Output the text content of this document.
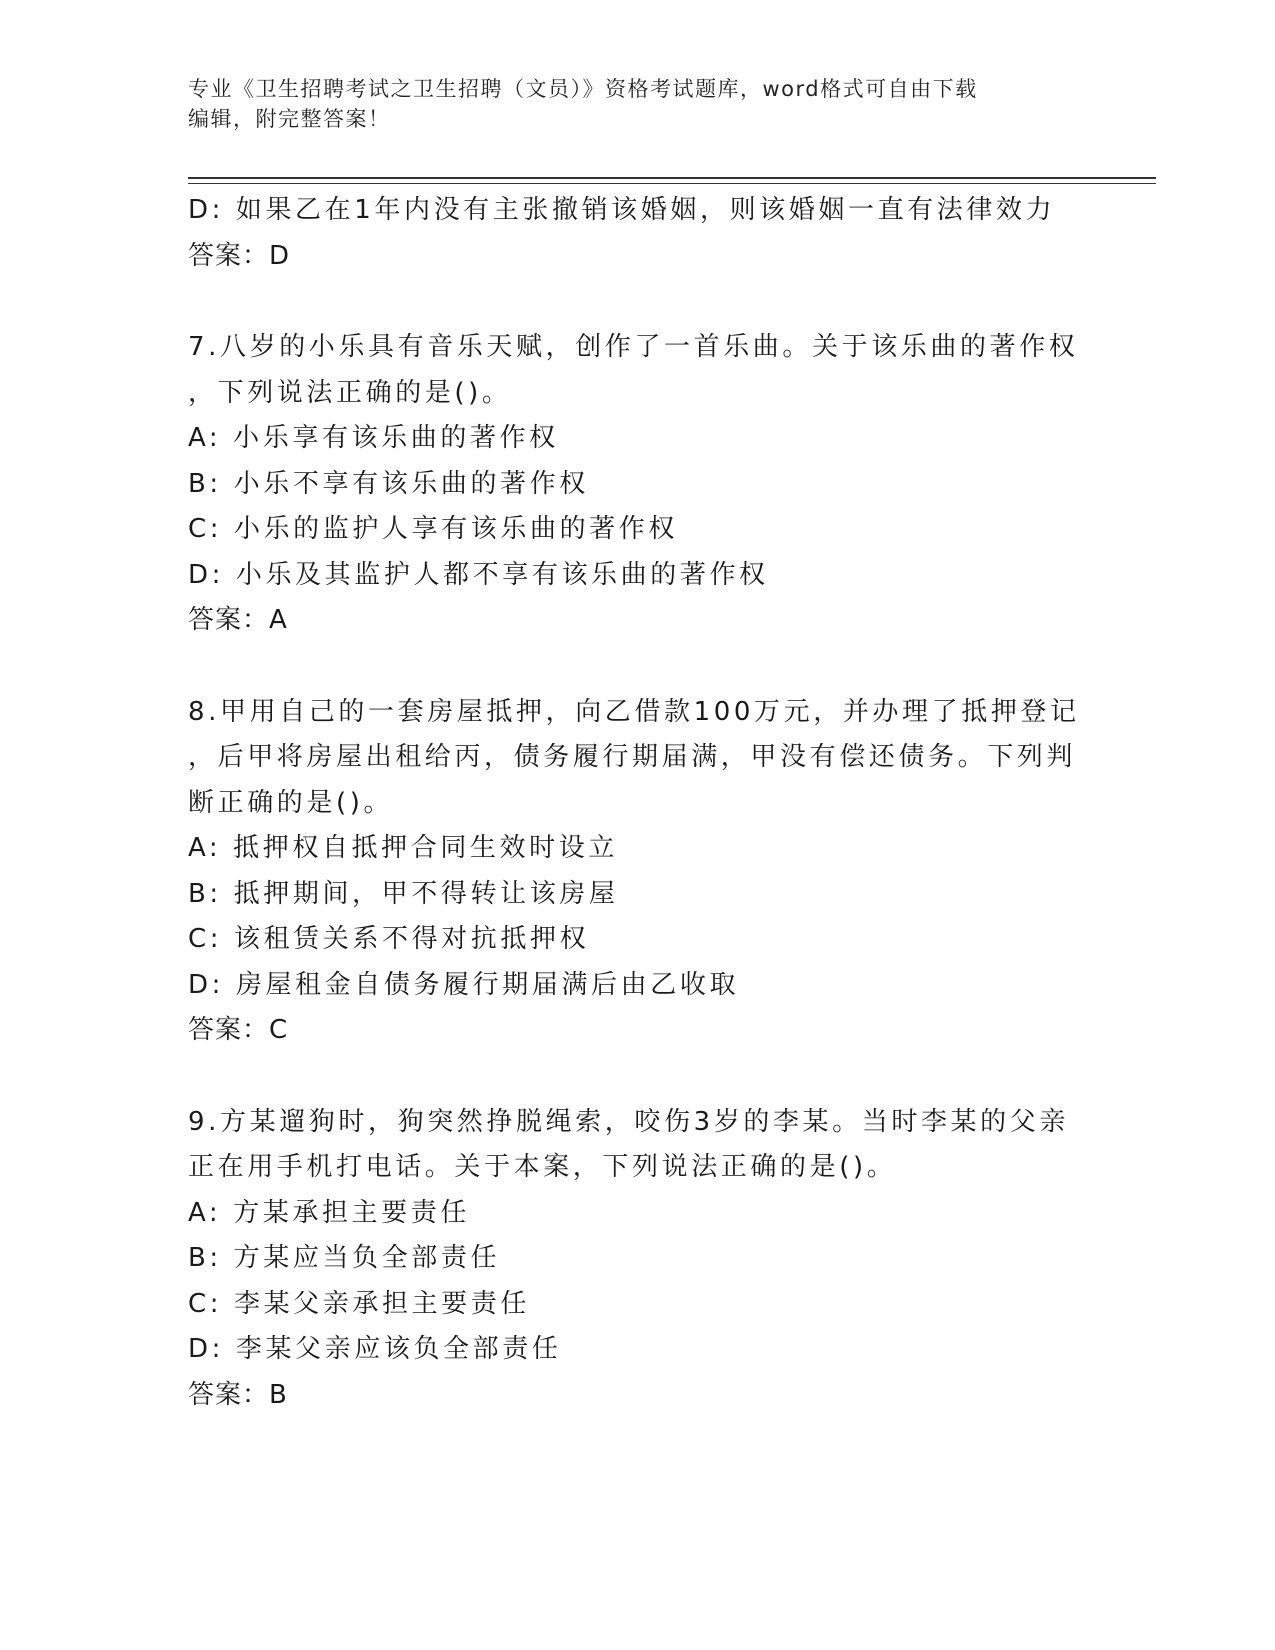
专业《卫生招聘考试之卫生招聘（文员）》资格考试题库，word格式可自由下载
编辑，附完整答案！
D: 如果乙在1年内没有主张撤销该婚姻，则该婚姻一直有法律效力
答案：D
7.八岁的小乐具有音乐天赋，创作了一首乐曲。关于该乐曲的著作权
，下列说法正确的是()。
A: 小乐享有该乐曲的著作权
B: 小乐不享有该乐曲的著作权
C: 小乐的监护人享有该乐曲的著作权
D: 小乐及其监护人都不享有该乐曲的著作权
答案：A
8.甲用自己的一套房屋抵押，向乙借款100万元，并办理了抵押登记
，后甲将房屋出租给丙，债务履行期届满，甲没有偿还债务。下列判
断正确的是()。
A: 抵押权自抵押合同生效时设立
B: 抵押期间，甲不得转让该房屋
C: 该租赁关系不得对抗抵押权
D: 房屋租金自债务履行期届满后由乙收取
答案：C
9.方某遛狗时，狗突然挣脱绳索，咬伤3岁的李某。当时李某的父亲
正在用手机打电话。关于本案，下列说法正确的是()。
A: 方某承担主要责任
B: 方某应当负全部责任
C: 李某父亲承担主要责任
D: 李某父亲应该负全部责任
答案：B
